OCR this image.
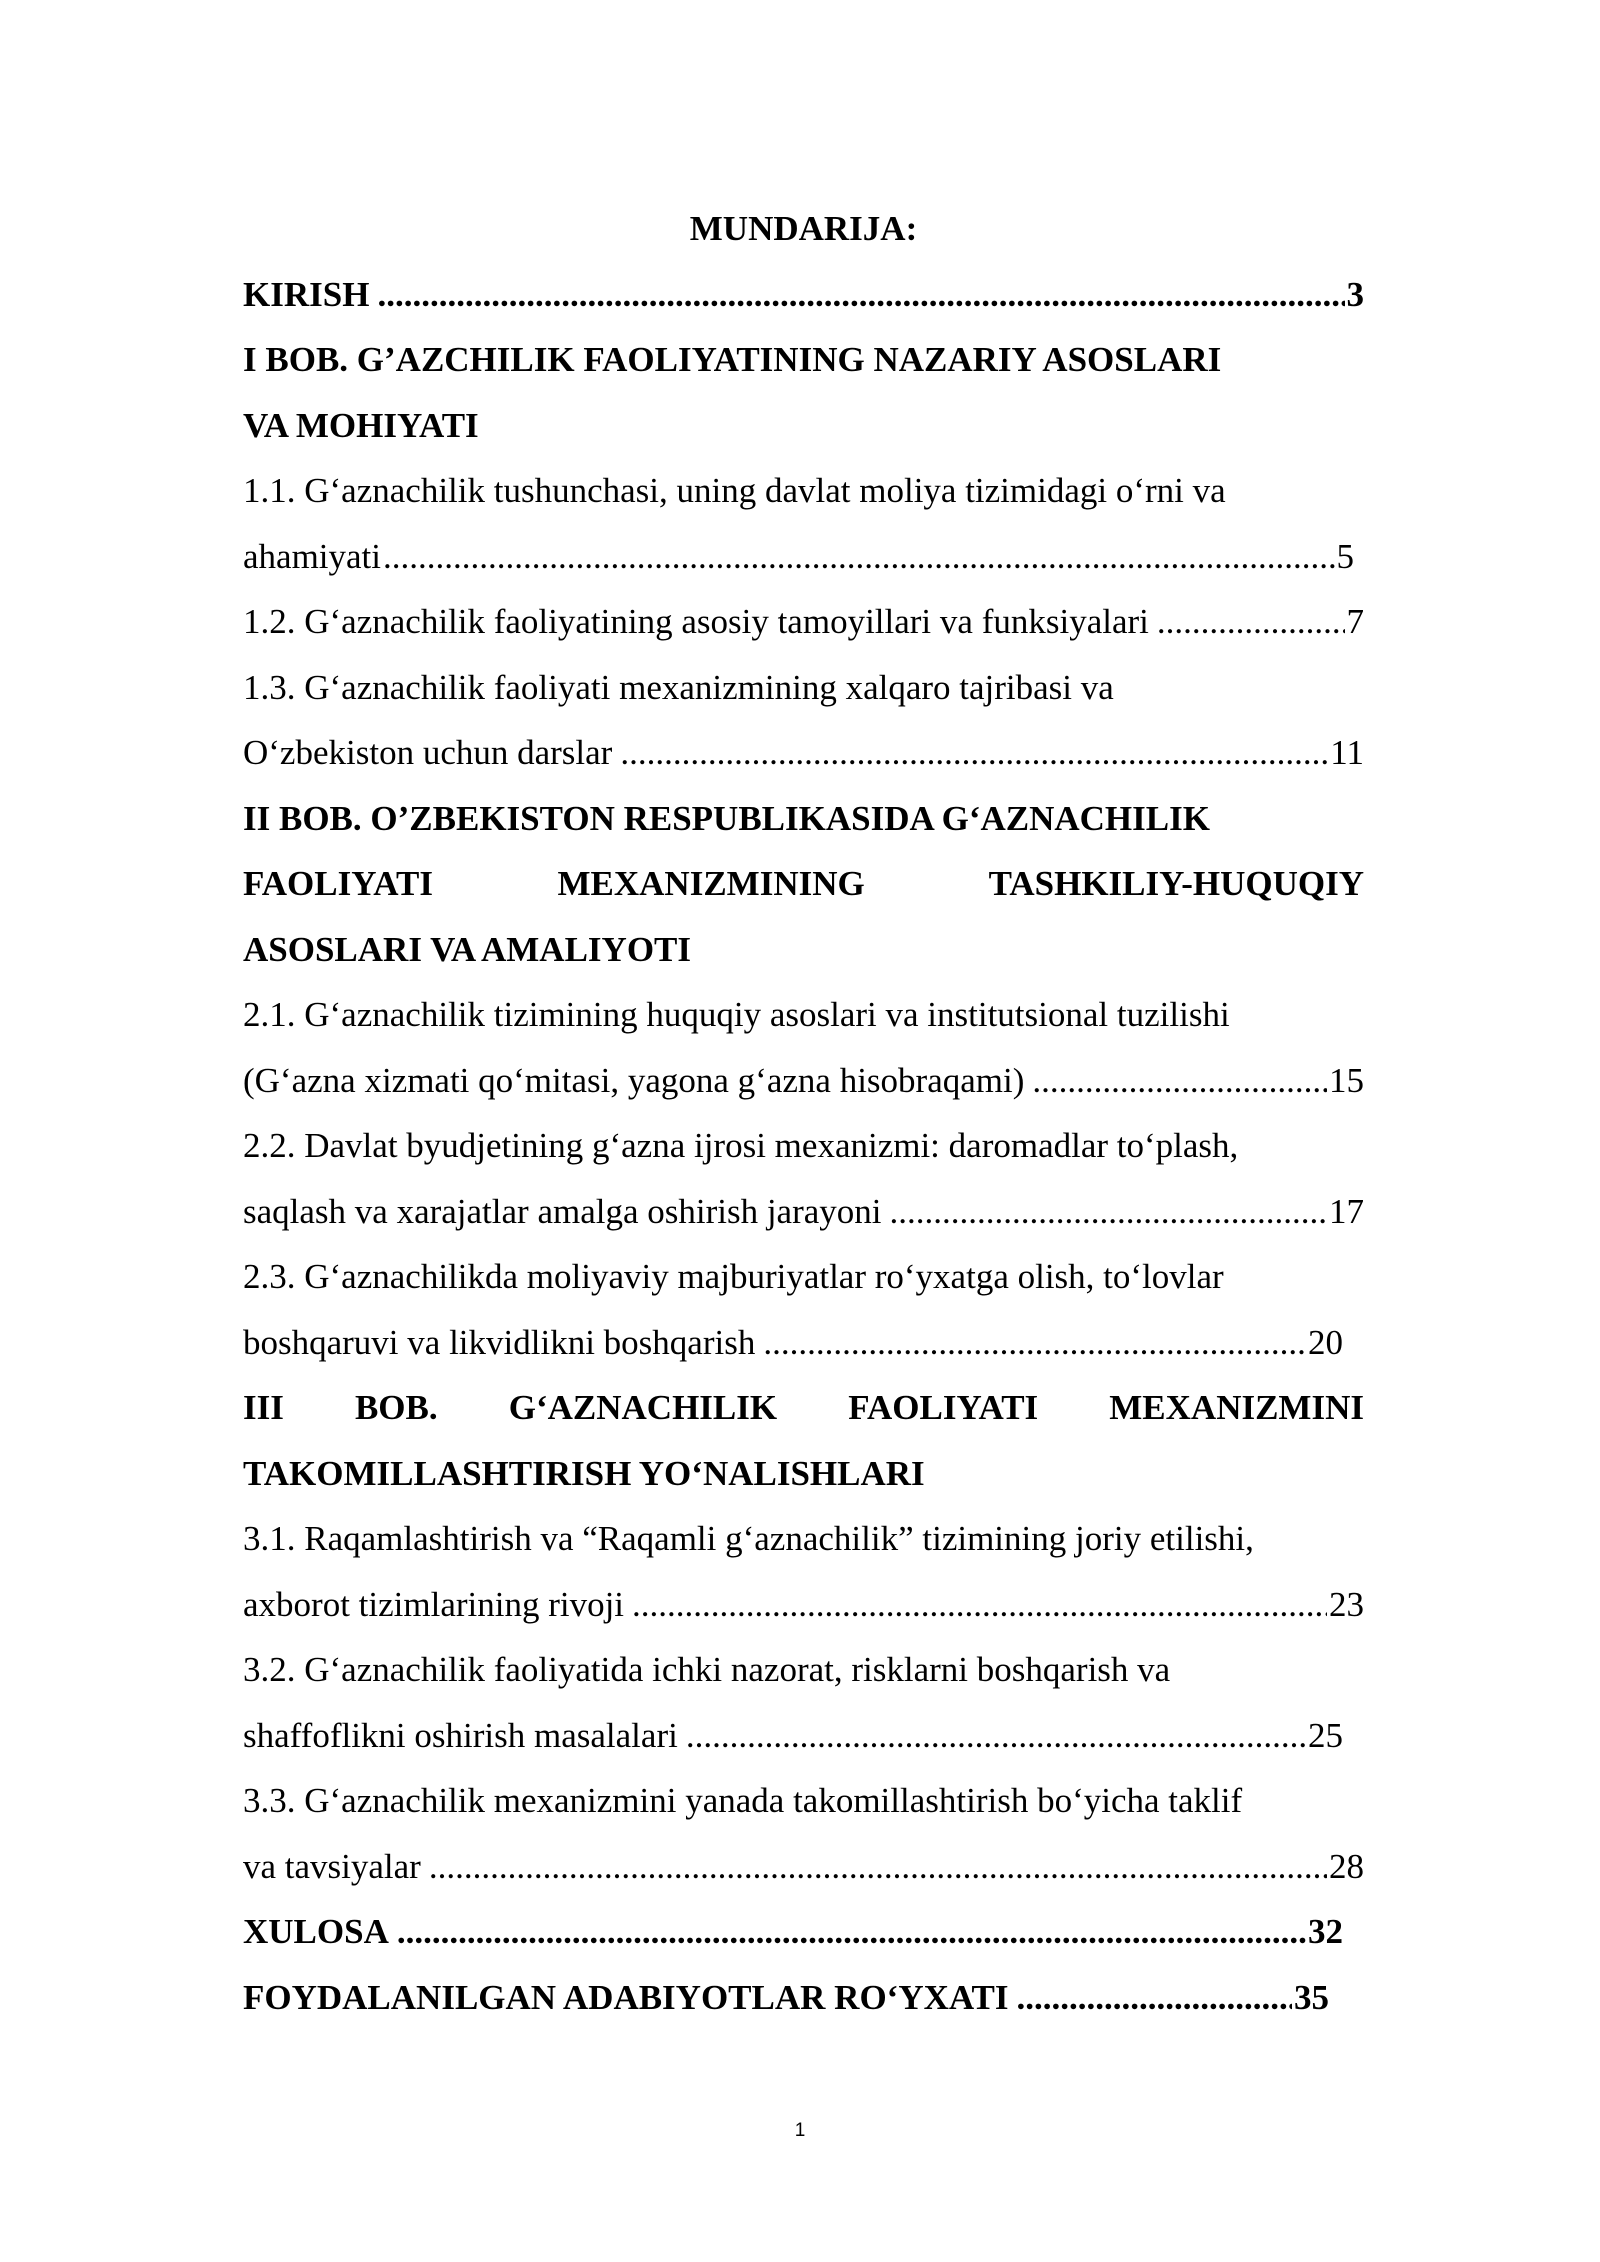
MUNDARIJA:
KIRISH .....	3
I BOB. G’AZCHILIK FAOLIYATINING NAZARIY ASOSLARI
VA MOHIYATI
1.1. G‘aznachilik tushunchasi, uning davlat moliya tizimidagi o‘rni va
ahamiyati .....	5
1.2. G‘aznachilik faoliyatining asosiy tamoyillari va funksiyalari .....	7
1.3. G‘aznachilik faoliyati mexanizmining xalqaro tajribasi va
O‘zbekiston uchun darslar .....	11
II BOB. O’ZBEKISTON RESPUBLIKASIDA G‘AZNACHILIK
FAOLIYATI MEXANIZMINING TASHKILIY-HUQUQIY
ASOSLARI VA AMALIYOTI
2.1. G‘aznachilik tizimining huquqiy asoslari va institutsional tuzilishi
(G‘azna xizmati qo‘mitasi, yagona g‘azna hisobraqami) .....	15
2.2. Davlat byudjetining g‘azna ijrosi mexanizmi: daromadlar to‘plash,
saqlash va xarajatlar amalga oshirish jarayoni .....	17
2.3. G‘aznachilikda moliyaviy majburiyatlar ro‘yxatga olish, to‘lovlar
boshqaruvi va likvidlikni boshqarish .....	20
III BOB. G‘AZNACHILIK FAOLIYATI MEXANIZMINI
TAKOMILLASHTIRISH YO‘NALISHLARI
3.1. Raqamlashtirish va “Raqamli g‘aznachilik” tizimining joriy etilishi,
axborot tizimlarining rivoji .....	23
3.2. G‘aznachilik faoliyatida ichki nazorat, risklarni boshqarish va
shaffoflikni oshirish masalalari .....	25
3.3. G‘aznachilik mexanizmini yanada takomillashtirish bo‘yicha taklif
va tavsiyalar .....	28
XULOSA .....	32
FOYDALANILGAN ADABIYOTLAR RO‘YXATI .....	35
1
